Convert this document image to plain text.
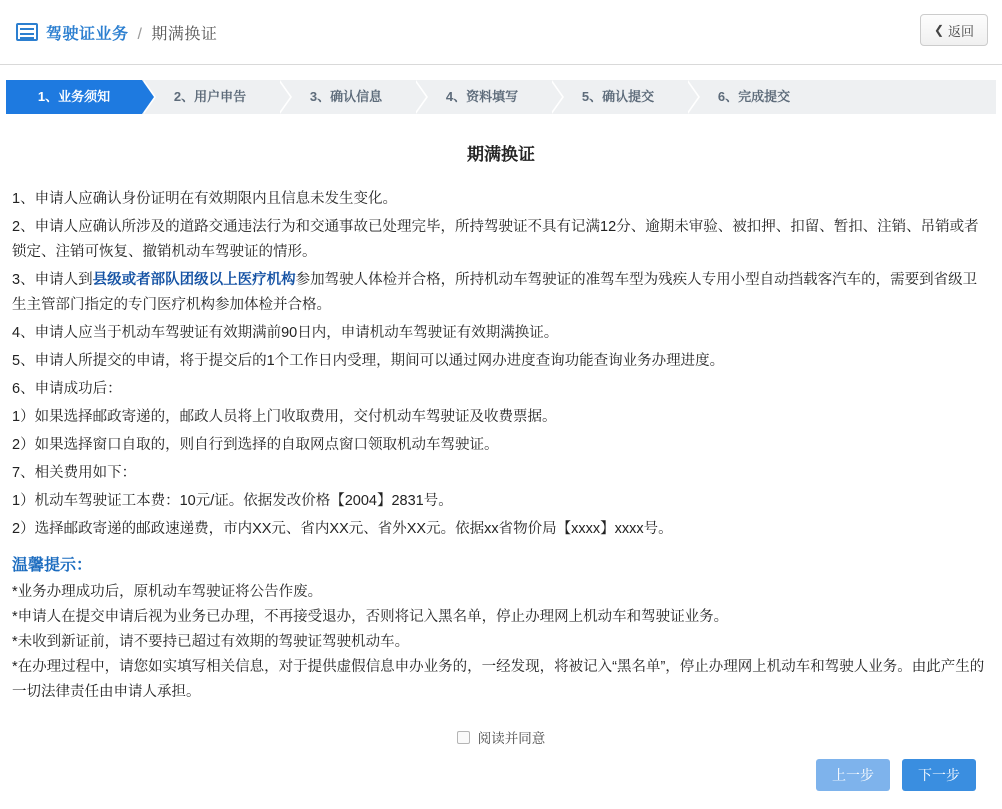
驾驶证业务 / 期满换证	❮ 返回
1、业务须知	2、用户申告	3、确认信息	4、资料填写	5、确认提交	6、完成提交
期满换证

1、申请人应确认身份证明在有效期限内且信息未发生变化。

2、申请人应确认所涉及的道路交通违法行为和交通事故已处理完毕，所持驾驶证不具有记满12分、逾期未审验、被扣押、扣留、暂扣、注销、吊销或者锁定、注销可恢复、撤销机动车驾驶证的情形。

3、申请人到县级或者部队团级以上医疗机构参加驾驶人体检并合格，所持机动车驾驶证的准驾车型为残疾人专用小型自动挡载客汽车的，需要到省级卫生主管部门指定的专门医疗机构参加体检并合格。

4、申请人应当于机动车驾驶证有效期满前90日内，申请机动车驾驶证有效期满换证。

5、申请人所提交的申请，将于提交后的1个工作日内受理，期间可以通过网办进度查询功能查询业务办理进度。

6、申请成功后：

1）如果选择邮政寄递的，邮政人员将上门收取费用，交付机动车驾驶证及收费票据。

2）如果选择窗口自取的，则自行到选择的自取网点窗口领取机动车驾驶证。

7、相关费用如下：

1）机动车驾驶证工本费：10元/证。依据发改价格【2004】2831号。

2）选择邮政寄递的邮政速递费，市内XX元、省内XX元、省外XX元。依据xx省物价局【xxxx】xxxx号。

温馨提示：

*业务办理成功后，原机动车驾驶证将公告作废。

*申请人在提交申请后视为业务已办理，不再接受退办，否则将记入黑名单，停止办理网上机动车和驾驶证业务。

*未收到新证前，请不要持已超过有效期的驾驶证驾驶机动车。

*在办理过程中，请您如实填写相关信息，对于提供虚假信息申办业务的，一经发现，将被记入“黑名单”，停止办理网上机动车和驾驶人业务。由此产生的一切法律责任由申请人承担。

阅读并同意
上一步	下一步
